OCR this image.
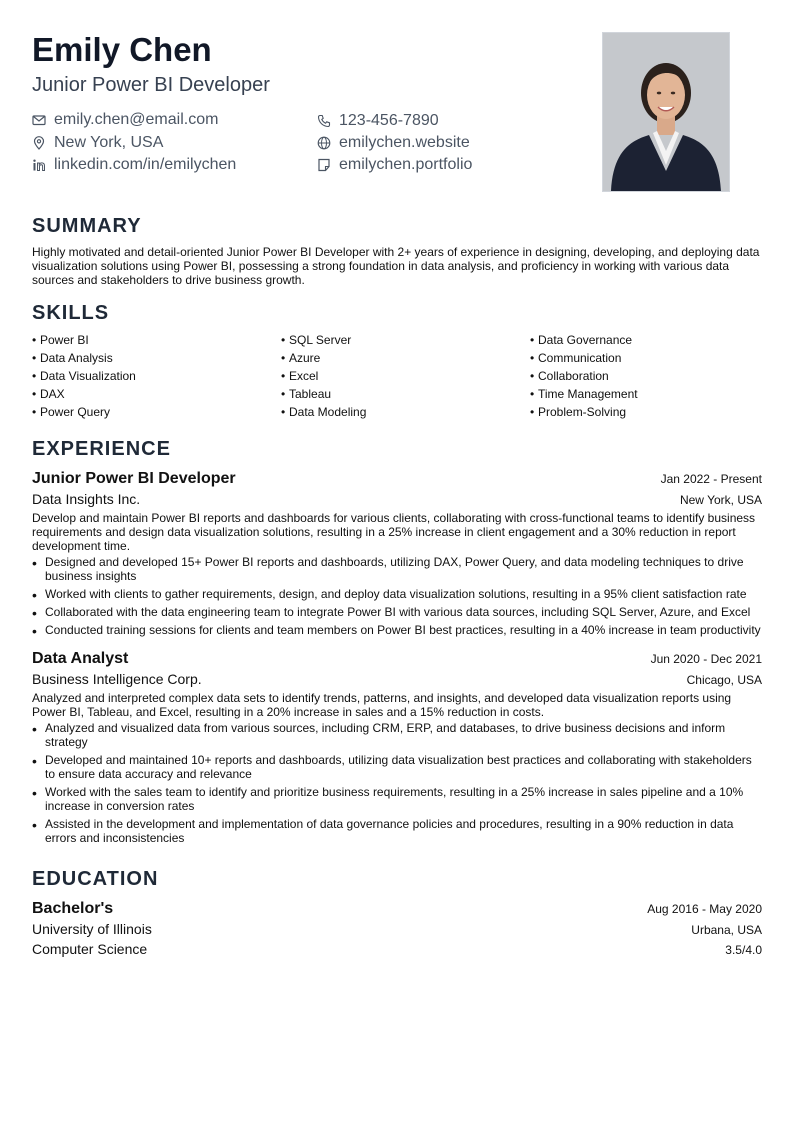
Emily Chen
Junior Power BI Developer
emily.chen@email.com	123-456-7890
New York, USA	emilychen.website
linkedin.com/in/emilychen	emilychen.portfolio
SUMMARY
Highly motivated and detail-oriented Junior Power BI Developer with 2+ years of experience in designing, developing, and deploying data visualization solutions using Power BI, possessing a strong foundation in data analysis, and proficiency in working with various data sources and stakeholders to drive business growth.
SKILLS
• Power BI	• SQL Server	• Data Governance
• Data Analysis	• Azure	• Communication
• Data Visualization	• Excel	• Collaboration
• DAX	• Tableau	• Time Management
• Power Query	• Data Modeling	• Problem-Solving
EXPERIENCE
Junior Power BI Developer	Jan 2022 - Present
Data Insights Inc.	New York, USA
Develop and maintain Power BI reports and dashboards for various clients, collaborating with cross-functional teams to identify business requirements and design data visualization solutions, resulting in a 25% increase in client engagement and a 30% reduction in report development time.
• Designed and developed 15+ Power BI reports and dashboards, utilizing DAX, Power Query, and data modeling techniques to drive business insights
• Worked with clients to gather requirements, design, and deploy data visualization solutions, resulting in a 95% client satisfaction rate
• Collaborated with the data engineering team to integrate Power BI with various data sources, including SQL Server, Azure, and Excel
• Conducted training sessions for clients and team members on Power BI best practices, resulting in a 40% increase in team productivity
Data Analyst	Jun 2020 - Dec 2021
Business Intelligence Corp.	Chicago, USA
Analyzed and interpreted complex data sets to identify trends, patterns, and insights, and developed data visualization reports using Power BI, Tableau, and Excel, resulting in a 20% increase in sales and a 15% reduction in costs.
• Analyzed and visualized data from various sources, including CRM, ERP, and databases, to drive business decisions and inform strategy
• Developed and maintained 10+ reports and dashboards, utilizing data visualization best practices and collaborating with stakeholders to ensure data accuracy and relevance
• Worked with the sales team to identify and prioritize business requirements, resulting in a 25% increase in sales pipeline and a 10% increase in conversion rates
• Assisted in the development and implementation of data governance policies and procedures, resulting in a 90% reduction in data errors and inconsistencies
EDUCATION
Bachelor's	Aug 2016 - May 2020
University of Illinois	Urbana, USA
Computer Science	3.5/4.0
